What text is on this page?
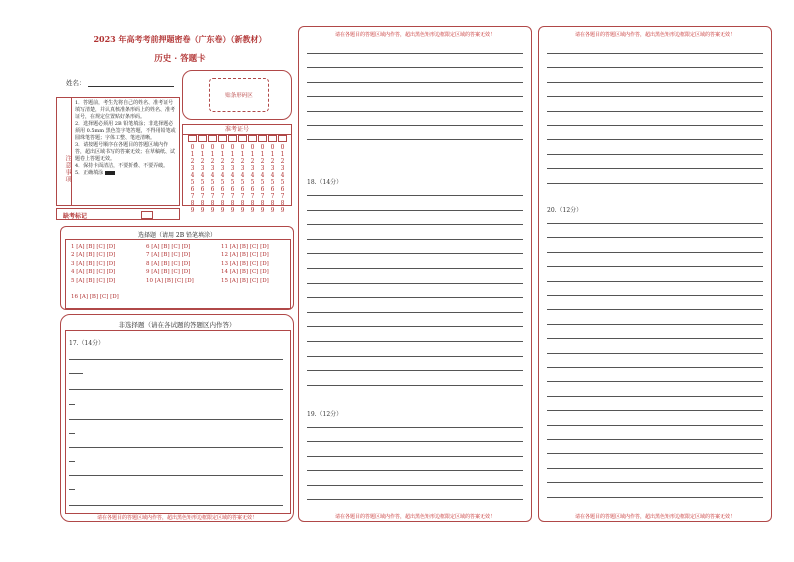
2023 年高考考前押题密卷（广东卷）（新教材）
历史 · 答题卡
姓名：
贴条形码区
注意事项
1．答题前，考生先将自己的姓名、准考证号填写清楚，并认真核准条形码上的姓名、准考证号，在规定位置贴好条形码。
2．选择题必须用 2B 铅笔填涂；非选择题必须用 0.5mm 黑色签字笔答题，不得用铅笔或圆珠笔答题；字体工整、笔迹清晰。
3．请按题号顺序在各题目的答题区域内作答，超出区域书写的答案无效；在草稿纸、试题卷上答题无效。
4．保持卡面清洁，不要折叠、不要弄破。
5．正确填涂
准考证号
0
1
2
3
4
5
6
7
8
9
0
1
2
3
4
5
6
7
8
9
0
1
2
3
4
5
6
7
8
9
0
1
2
3
4
5
6
7
8
9
0
1
2
3
4
5
6
7
8
9
0
1
2
3
4
5
6
7
8
9
0
1
2
3
4
5
6
7
8
9
0
1
2
3
4
5
6
7
8
9
0
1
2
3
4
5
6
7
8
9
0
1
2
3
4
5
6
7
8
9
缺考标记
选择题（请用 2B 铅笔填涂）
1 [A] [B] [C] [D]
2 [A] [B] [C] [D]
3 [A] [B] [C] [D]
4 [A] [B] [C] [D]
5 [A] [B] [C] [D]
6 [A] [B] [C] [D]
7 [A] [B] [C] [D]
8 [A] [B] [C] [D]
9 [A] [B] [C] [D]
10 [A] [B] [C] [D]
11 [A] [B] [C] [D]
12 [A] [B] [C] [D]
13 [A] [B] [C] [D]
14 [A] [B] [C] [D]
15 [A] [B] [C] [D]
16 [A] [B] [C] [D]
非选择题（请在各试题的答题区内作答）
17.（14分）
请在各题目的答题区域内作答，超出黑色矩形边框限定区域的答案无效！
请在各题目的答题区域内作答，超出黑色矩形边框限定区域的答案无效！
请在各题目的答题区域内作答，超出黑色矩形边框限定区域的答案无效！
18.（14分）
19.（12分）
请在各题目的答题区域内作答，超出黑色矩形边框限定区域的答案无效！
请在各题目的答题区域内作答，超出黑色矩形边框限定区域的答案无效！
20.（12分）
